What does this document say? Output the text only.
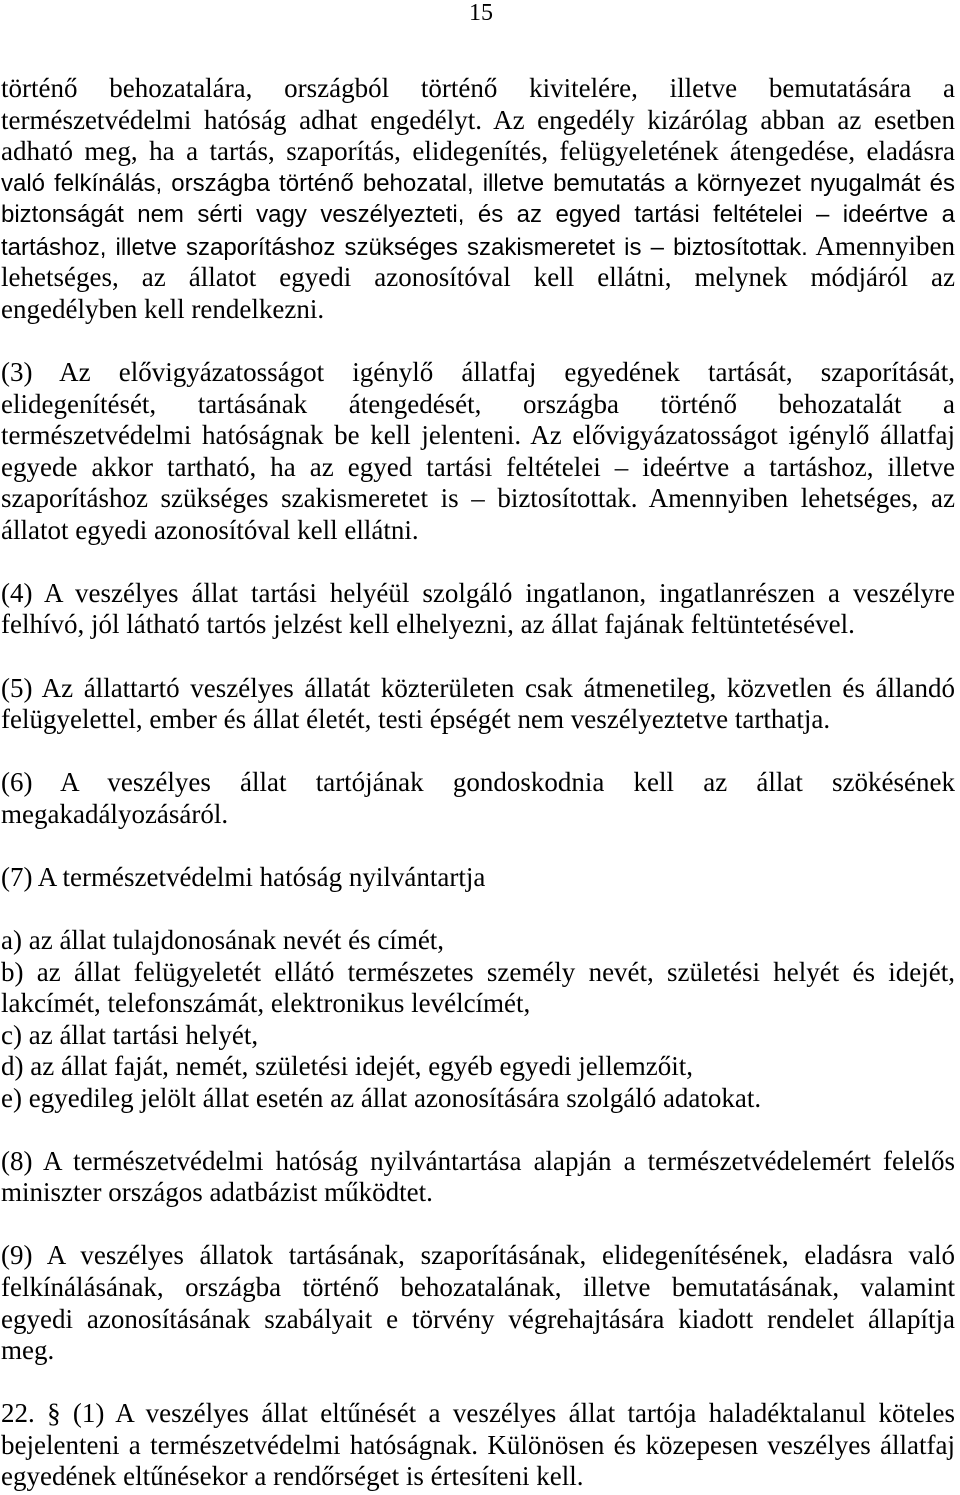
15
történő behozatalára, országból történő kivitelére, illetve bemutatására a
természetvédelmi hatóság adhat engedélyt. Az engedély kizárólag abban az esetben
adható meg, ha a tartás, szaporítás, elidegenítés, felügyeletének átengedése, eladásra
való felkínálás, országba történő behozatal, illetve bemutatás a környezet nyugalmát és
biztonságát nem sérti vagy veszélyezteti, és az egyed tartási feltételei – ideértve a
tartáshoz, illetve szaporításhoz szükséges szakismeretet is – biztosítottak. Amennyiben
lehetséges, az állatot egyedi azonosítóval kell ellátni, melynek módjáról az
engedélyben kell rendelkezni.
(3) Az elővigyázatosságot igénylő állatfaj egyedének tartását, szaporítását,
elidegenítését, tartásának átengedését, országba történő behozatalát a
természetvédelmi hatóságnak be kell jelenteni. Az elővigyázatosságot igénylő állatfaj
egyede akkor tartható, ha az egyed tartási feltételei – ideértve a tartáshoz, illetve
szaporításhoz szükséges szakismeretet is – biztosítottak. Amennyiben lehetséges, az
állatot egyedi azonosítóval kell ellátni.
(4) A veszélyes állat tartási helyéül szolgáló ingatlanon, ingatlanrészen a veszélyre
felhívó, jól látható tartós jelzést kell elhelyezni, az állat fajának feltüntetésével.
(5) Az állattartó veszélyes állatát közterületen csak átmenetileg, közvetlen és állandó
felügyelettel, ember és állat életét, testi épségét nem veszélyeztetve tarthatja.
(6) A veszélyes állat tartójának gondoskodnia kell az állat szökésének
megakadályozásáról.
(7) A természetvédelmi hatóság nyilvántartja
a) az állat tulajdonosának nevét és címét,
b) az állat felügyeletét ellátó természetes személy nevét, születési helyét és idejét,
lakcímét, telefonszámát, elektronikus levélcímét,
c) az állat tartási helyét,
d) az állat faját, nemét, születési idejét, egyéb egyedi jellemzőit,
e) egyedileg jelölt állat esetén az állat azonosítására szolgáló adatokat.
(8) A természetvédelmi hatóság nyilvántartása alapján a természetvédelemért felelős
miniszter országos adatbázist működtet.
(9) A veszélyes állatok tartásának, szaporításának, elidegenítésének, eladásra való
felkínálásának, országba történő behozatalának, illetve bemutatásának, valamint
egyedi azonosításának szabályait e törvény végrehajtására kiadott rendelet állapítja
meg.
22. § (1) A veszélyes állat eltűnését a veszélyes állat tartója haladéktalanul köteles
bejelenteni a természetvédelmi hatóságnak. Különösen és közepesen veszélyes állatfaj
egyedének eltűnésekor a rendőrséget is értesíteni kell.
